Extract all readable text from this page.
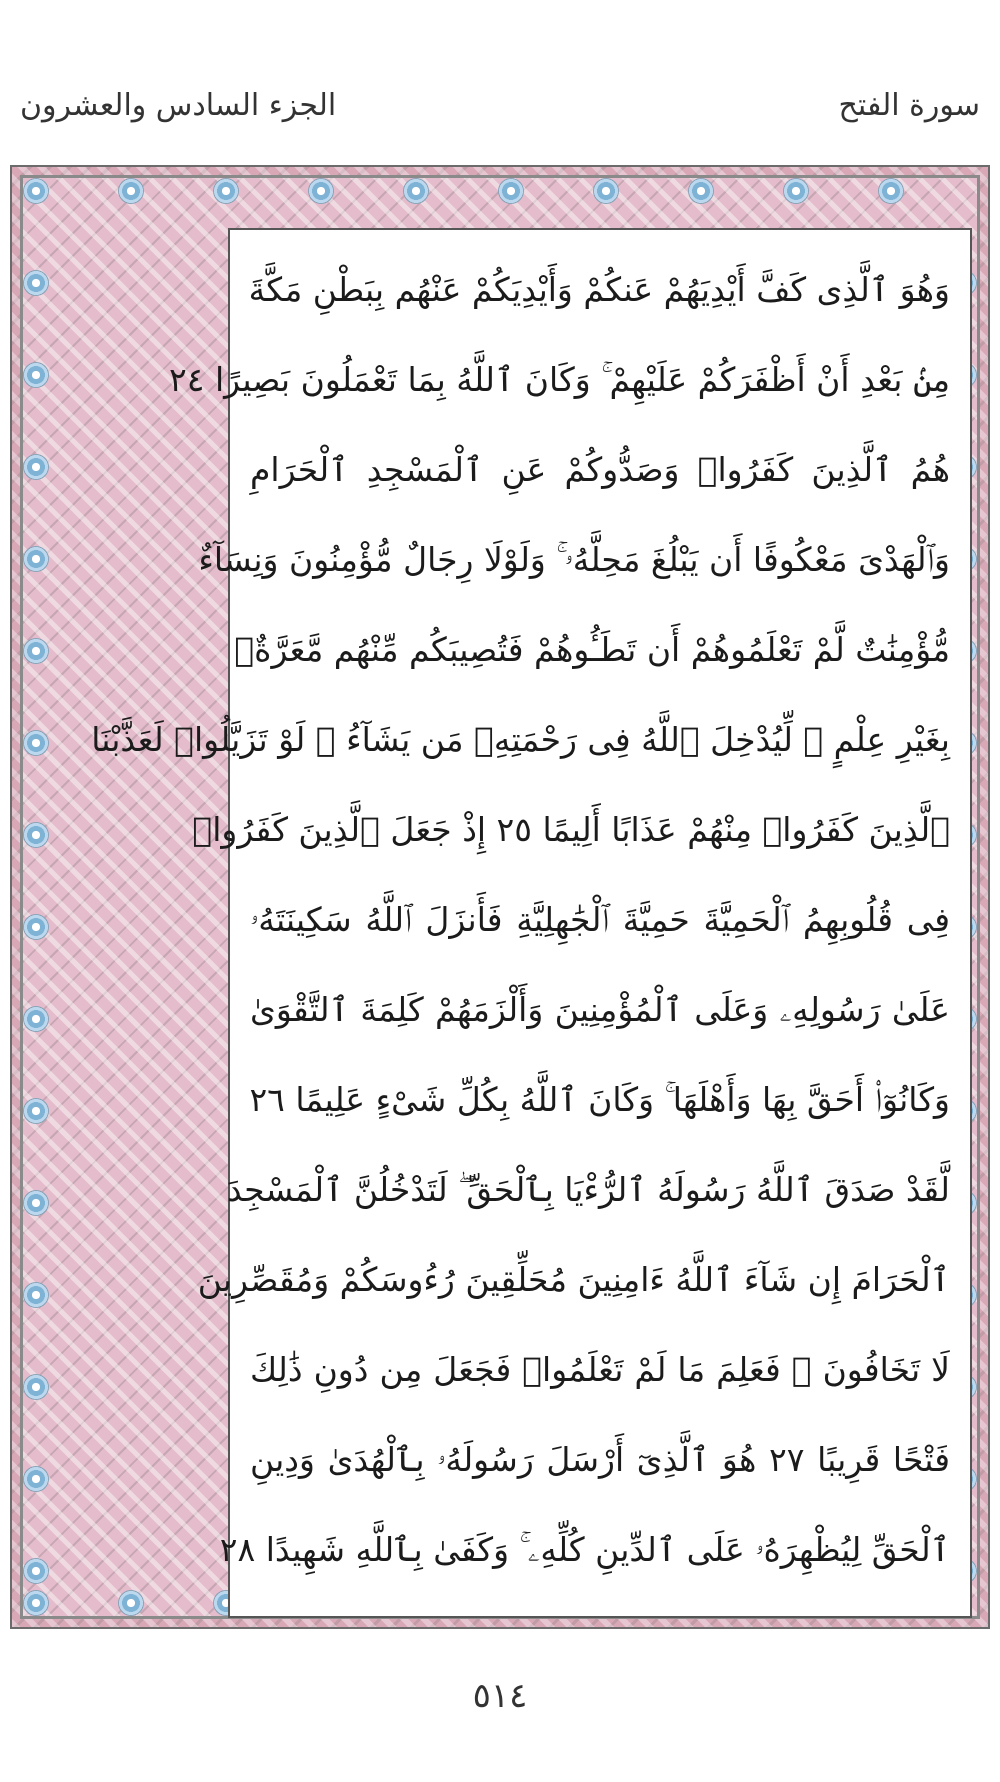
سورة الفتح
الجزء السادس والعشرون
وَهُوَ ٱلَّذِى كَفَّ أَيْدِيَهُمْ عَنكُمْ وَأَيْدِيَكُمْ عَنْهُم بِبَطْنِ مَكَّةَ
مِنۢ بَعْدِ أَنْ أَظْفَرَكُمْ عَلَيْهِمْ ۚ وَكَانَ ٱللَّهُ بِمَا تَعْمَلُونَ بَصِيرًا ٢٤
هُمُ ٱلَّذِينَ كَفَرُوا۟ وَصَدُّوكُمْ عَنِ ٱلْمَسْجِدِ ٱلْحَرَامِ
وَٱلْهَدْىَ مَعْكُوفًا أَن يَبْلُغَ مَحِلَّهُۥ ۚ وَلَوْلَا رِجَالٌ مُّؤْمِنُونَ وَنِسَآءٌ
مُّؤْمِنَٰتٌ لَّمْ تَعْلَمُوهُمْ أَن تَطَـُٔوهُمْ فَتُصِيبَكُم مِّنْهُم مَّعَرَّةٌۢ
بِغَيْرِ عِلْمٍ ۖ لِّيُدْخِلَ ٱللَّهُ فِى رَحْمَتِهِۦ مَن يَشَآءُ ۚ لَوْ تَزَيَّلُوا۟ لَعَذَّبْنَا
ٱلَّذِينَ كَفَرُوا۟ مِنْهُمْ عَذَابًا أَلِيمًا ٢٥ إِذْ جَعَلَ ٱلَّذِينَ كَفَرُوا۟
فِى قُلُوبِهِمُ ٱلْحَمِيَّةَ حَمِيَّةَ ٱلْجَٰهِلِيَّةِ فَأَنزَلَ ٱللَّهُ سَكِينَتَهُۥ
عَلَىٰ رَسُولِهِۦ وَعَلَى ٱلْمُؤْمِنِينَ وَأَلْزَمَهُمْ كَلِمَةَ ٱلتَّقْوَىٰ
وَكَانُوٓا۟ أَحَقَّ بِهَا وَأَهْلَهَا ۚ وَكَانَ ٱللَّهُ بِكُلِّ شَىْءٍ عَلِيمًا ٢٦
لَّقَدْ صَدَقَ ٱللَّهُ رَسُولَهُ ٱلرُّءْيَا بِٱلْحَقِّ ۖ لَتَدْخُلُنَّ ٱلْمَسْجِدَ
ٱلْحَرَامَ إِن شَآءَ ٱللَّهُ ءَامِنِينَ مُحَلِّقِينَ رُءُوسَكُمْ وَمُقَصِّرِينَ
لَا تَخَافُونَ ۖ فَعَلِمَ مَا لَمْ تَعْلَمُوا۟ فَجَعَلَ مِن دُونِ ذَٰلِكَ
فَتْحًا قَرِيبًا ٢٧ هُوَ ٱلَّذِىٓ أَرْسَلَ رَسُولَهُۥ بِٱلْهُدَىٰ وَدِينِ
ٱلْحَقِّ لِيُظْهِرَهُۥ عَلَى ٱلدِّينِ كُلِّهِۦ ۚ وَكَفَىٰ بِٱللَّهِ شَهِيدًا ٢٨
٥١٤
